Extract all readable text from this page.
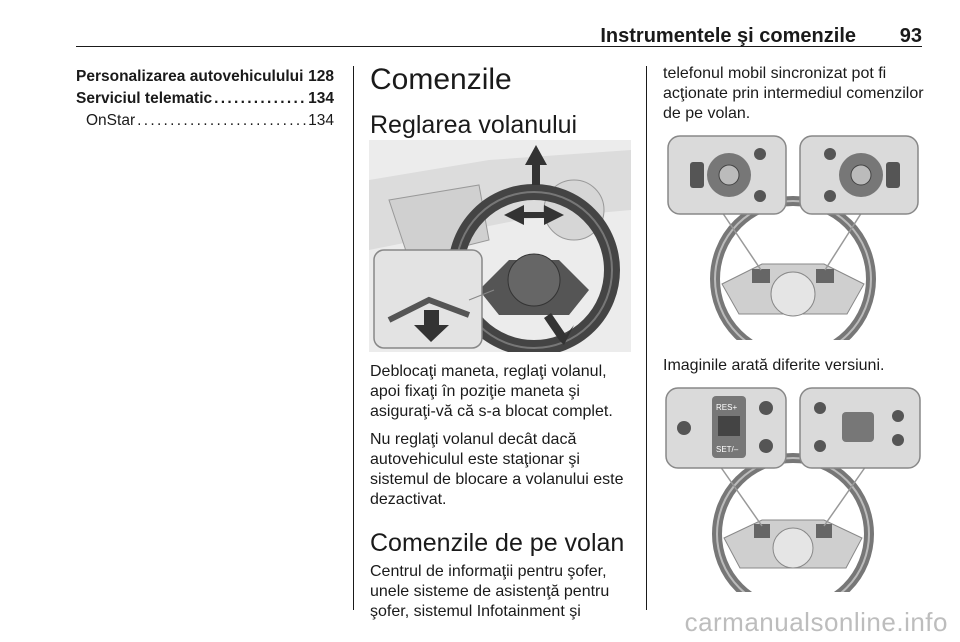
Instrumentele şi comenzile 93
Personalizarea autovehiculului . . . 128
Serviciul telematic . . .	134
OnStar . . .	134
Comenzile
Reglarea volanului

Deblocaţi maneta, reglaţi volanul, apoi fixaţi în poziţie maneta şi asiguraţi-vă că s-a blocat complet.

Nu reglaţi volanul decât dacă autovehiculul este staţionar şi sistemul de blocare a volanului este dezactivat.

Comenzile de pe volan

Centrul de informaţii pentru şofer, unele sisteme de asistenţă pentru şofer, sistemul Infotainment şi

telefonul mobil sincronizat pot fi acţionate prin intermediul comenzilor de pe volan.

Imaginile arată diferite versiuni.

RES+
SET/–
carmanualsonline.info
